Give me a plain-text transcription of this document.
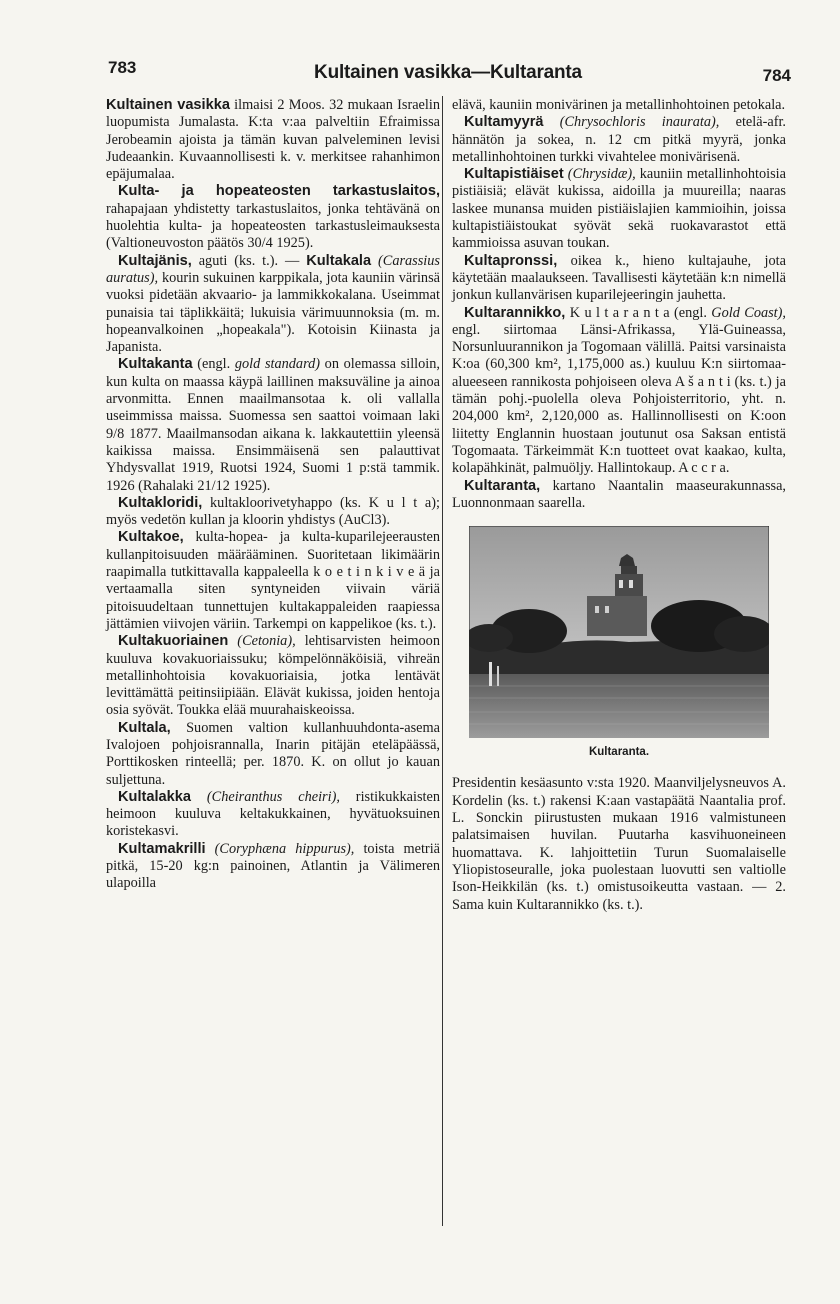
783	Kultainen vasikka—Kultaranta	784

Kultainen vasikka ilmaisi 2 Moos. 32 mukaan Israelin luopumista Jumalasta. K:ta v:aa palveltiin Efraimissa Jerobeamin ajoista ja tämän kuvan palveleminen levisi Judeaankin. Kuvaannollisesti k. v. merkitsee rahanhimon epäjumalaa.

Kulta- ja hopeateosten tarkastuslaitos, rahapajaan yhdistetty tarkastuslaitos, jonka tehtävänä on huolehtia kulta- ja hopeateosten tarkastusleimauksesta (Valtioneuvoston päätös 30/4 1925).

Kultajänis, aguti (ks. t.). — Kultakala (Carassius auratus), kourin sukuinen karppikala, jota kauniin värinsä vuoksi pidetään akvaario- ja lammikkokalana. Useimmat punaisia tai täplikkäitä; lukuisia värimuunnoksia (m. m. hopeanvalkoinen „hopeakala"). Kotoisin Kiinasta ja Japanista.

Kultakanta (engl. gold standard) on olemassa silloin, kun kulta on maassa käypä laillinen maksuväline ja ainoa arvonmitta. Ennen maailmansotaa k. oli vallalla useimmissa maissa. Suomessa sen saattoi voimaan laki 9/8 1877. Maailmansodan aikana k. lakkautettiin yleensä kaikissa maissa. Ensimmäisenä sen palauttivat Yhdysvallat 1919, Ruotsi 1924, Suomi 1 p:stä tammik. 1926 (Rahalaki 21/12 1925).

Kultakloridi, kultakloorivetyhappo (ks. K u l t a); myös vedetön kullan ja kloorin yhdistys (AuCl3).

Kultakoe, kulta-hopea- ja kulta-kuparilejeerausten kullanpitoisuuden määrääminen. Suoritetaan likimäärin raapimalla tutkittavalla kappaleella k o e t i n k i v e ä ja vertaamalla siten syntyneiden viivain väriä pitoisuudeltaan tunnettujen kultakappaleiden raapiessa jättämien viivojen väriin. Tarkempi on kappelikoe (ks. t.).

Kultakuoriainen (Cetonia), lehtisarvisten heimoon kuuluva kovakuoriaissuku; kömpelönnäköisiä, vihreän metallinhohtoisia kovakuoriaisia, jotka lentävät levittämättä peitinsiipiään. Elävät kukissa, joiden hentoja osia syövät. Toukka elää muurahaiskeoissa.

Kultala, Suomen valtion kullanhuuhdonta-asema Ivalojoen pohjoisrannalla, Inarin pitäjän eteläpäässä, Porttikosken rinteellä; per. 1870. K. on ollut jo kauan suljettuna.

Kultalakka (Cheiranthus cheiri), ristikukkaisten heimoon kuuluva keltakukkainen, hyvätuoksuinen koristekasvi.

Kultamakrilli (Coryphæna hippurus), toista metriä pitkä, 15-20 kg:n painoinen, Atlantin ja Välimeren ulapoilla

elävä, kauniin monivärinen ja metallinhohtoinen petokala.

Kultamyyrä (Chrysochloris inaurata), etelä-afr. hännätön ja sokea, n. 12 cm pitkä myyrä, jonka metallinhohtoinen turkki vivahtelee monivärisenä.

Kultapistiäiset (Chrysidæ), kauniin metallinhohtoisia pistiäisiä; elävät kukissa, aidoilla ja muureilla; naaras laskee munansa muiden pistiäislajien kammioihin, joissa kultapistiäistoukat syövät sekä ruokavarastot että kammioissa asuvan toukan.

Kultapronssi, oikea k., hieno kultajauhe, jota käytetään maalaukseen. Tavallisesti käytetään k:n nimellä jonkun kullanvärisen kuparilejeeringin jauhetta.

Kultarannikko, K u l t a r a n t a (engl. Gold Coast), engl. siirtomaa Länsi-Afrikassa, Ylä-Guineassa, Norsunluurannikon ja Togomaan välillä. Paitsi varsinaista K:oa (60,300 km², 1,175,000 as.) kuuluu K:n siirtomaa-alueeseen rannikosta pohjoiseen oleva A š a n t i (ks. t.) ja tämän pohj.-puolella oleva Pohjoisterritorio, yht. n. 204,000 km², 2,120,000 as. Hallinnollisesti on K:oon liitetty Englannin huostaan joutunut osa Saksan entistä Togomaata. Tärkeimmät K:n tuotteet ovat kaakao, kulta, kolapähkinät, palmuöljy. Hallintokaup. A c c r a.

Kultaranta, kartano Naantalin maaseurakunnassa, Luonnonmaan saarella.

Kultaranta.

Presidentin kesäasunto v:sta 1920. Maanviljelysneuvos A. Kordelin (ks. t.) rakensi K:aan vastapäätä Naantalia prof. L. Sonckin piirustusten mukaan 1916 valmistuneen palatsimaisen huvilan. Puutarha kasvihuoneineen huomattava. K. lahjoittetiin Turun Suomalaiselle Yliopistoseuralle, joka puolestaan luovutti sen valtiolle Ison-Heikkilän (ks. t.) omistusoikeutta vastaan. — 2. Sama kuin Kultarannikko (ks. t.).
